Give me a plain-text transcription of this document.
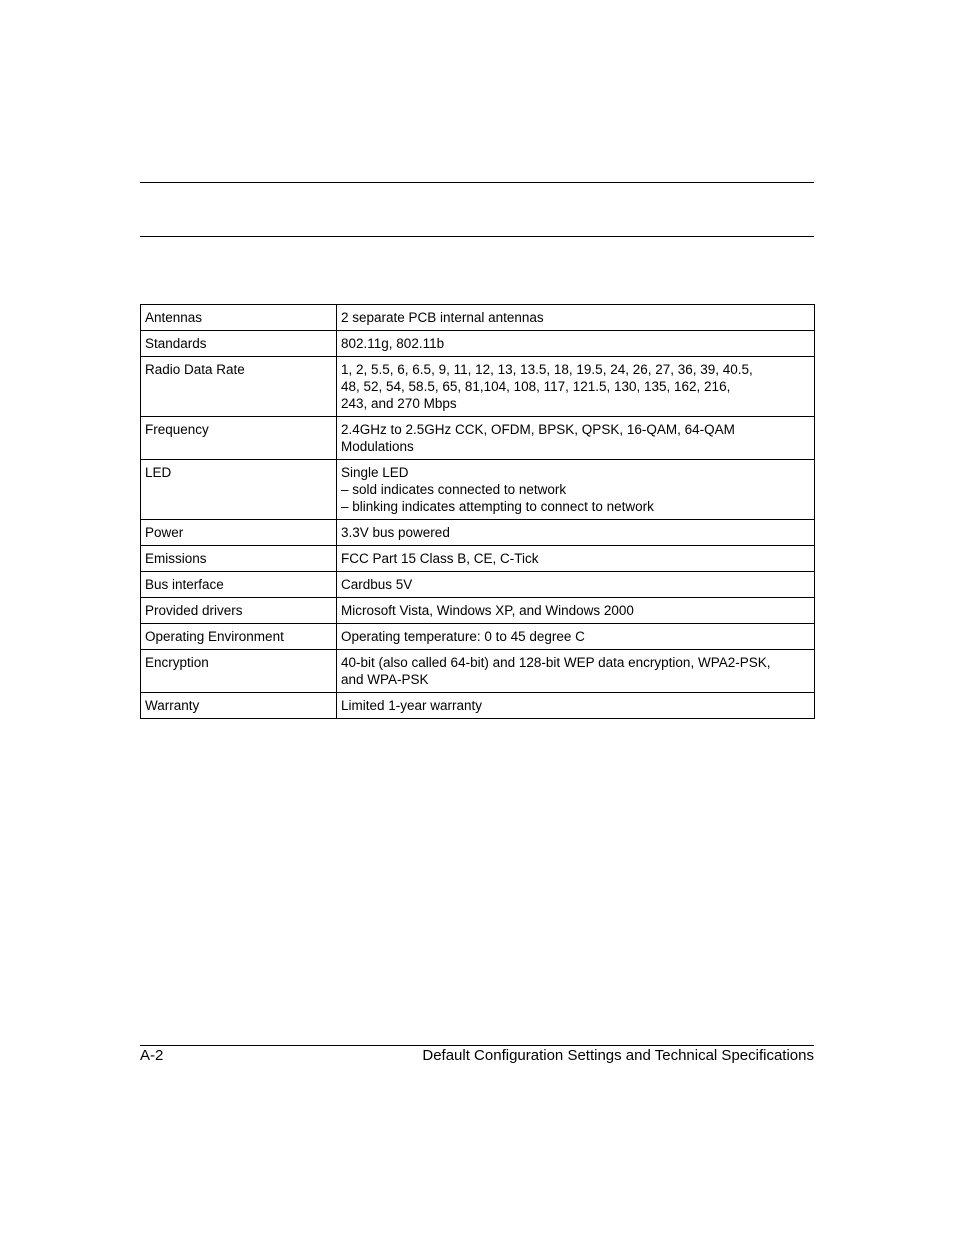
Antennas	2 separate PCB internal antennas

Standards	802.11g, 802.11b

Radio Data Rate	1, 2, 5.5, 6, 6.5, 9, 11, 12, 13, 13.5, 18, 19.5, 24, 26, 27, 36, 39, 40.5,
48, 52, 54, 58.5, 65, 81,104, 108, 117, 121.5, 130, 135, 162, 216,
243, and 270 Mbps

Frequency	2.4GHz to 2.5GHz CCK, OFDM, BPSK, QPSK, 16-QAM, 64-QAM
Modulations

LED	Single LED
– sold indicates connected to network
– blinking indicates attempting to connect to network

Power	3.3V bus powered

Emissions	FCC Part 15 Class B, CE, C-Tick

Bus interface	Cardbus 5V

Provided drivers	Microsoft Vista, Windows XP, and Windows 2000

Operating Environment	Operating temperature: 0 to 45 degree C

Encryption	40-bit (also called 64-bit) and 128-bit WEP data encryption, WPA2-PSK,
and WPA-PSK

Warranty	Limited 1-year warranty
A-2	Default Configuration Settings and Technical Specifications
